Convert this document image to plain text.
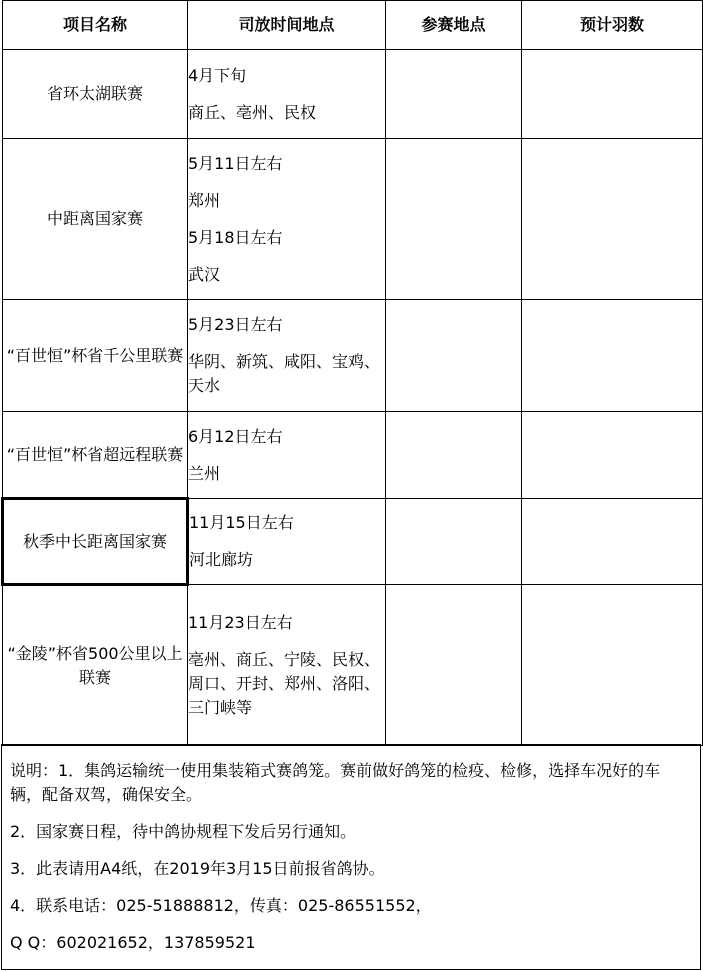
项目名称	司放时间地点	参赛地点	预计羽数
省环太湖联赛	4月下旬
商丘、亳州、民权		

中距离国家赛	5月11日左右
郑州
5月18日左右
武汉		

“百世恒”杯省千公里联赛	5月23日左右
华阴、新筑、咸阳、宝鸡、天水		

“百世恒”杯省超远程联赛	6月12日左右
兰州		

秋季中长距离国家赛	11月15日左右
河北廊坊		

“金陵”杯省500公里以上联赛	11月23日左右
亳州、商丘、宁陵、民权、周口、开封、郑州、洛阳、三门峡等		

说明：1．集鸽运输统一使用集装箱式赛鸽笼。赛前做好鸽笼的检疫、检修，选择车况好的车辆，配备双驾，确保安全。

2．国家赛日程，待中鸽协规程下发后另行通知。

3．此表请用A4纸，在2019年3月15日前报省鸽协。

4．联系电话：025-51888812，传真：025-86551552，

Q Q：602021652，137859521
